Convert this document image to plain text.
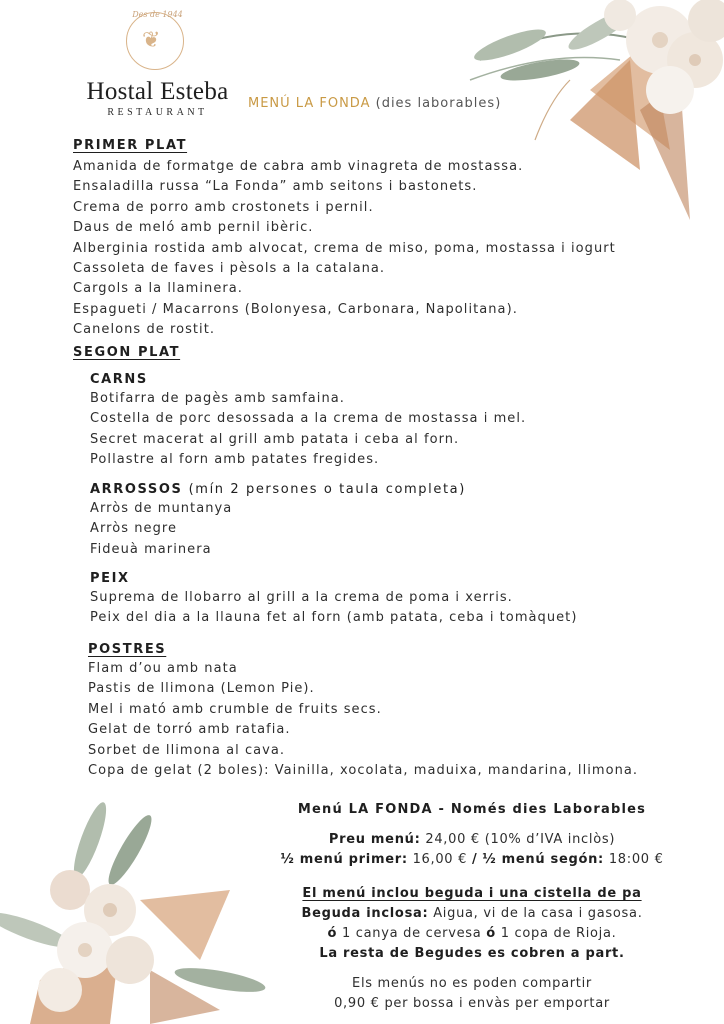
Des de 1944
❦
Hostal Esteba
RESTAURANT
MENÚ LA FONDA (dies laborables)
PRIMER PLAT
Amanida de formatge de cabra amb vinagreta de mostassa.
Ensaladilla russa “La Fonda” amb seitons i bastonets.
Crema de porro amb crostonets i pernil.
Daus de meló amb pernil ibèric.
Alberginia rostida amb alvocat, crema de miso, poma, mostassa i iogurt
Cassoleta de faves i pèsols a la catalana.
Cargols a la llaminera.
Espagueti / Macarrons (Bolonyesa, Carbonara, Napolitana).
Canelons de rostit.
SEGON PLAT
CARNS
Botifarra de pagès amb samfaina.
Costella de porc desossada a la crema de mostassa i mel.
Secret macerat al grill amb patata i ceba al forn.
Pollastre al forn amb patates fregides.
ARROSSOS (mín 2 persones o taula completa)
Arròs de muntanya
Arròs negre
Fideuà marinera
PEIX
Suprema de llobarro al grill a la crema de poma i xerris.
Peix del dia a la llauna fet al forn (amb patata, ceba i tomàquet)
POSTRES
Flam d’ou amb nata
Pastis de llimona (Lemon Pie).
Mel i mató amb crumble de fruits secs.
Gelat de torró amb ratafia.
Sorbet de llimona al cava.
Copa de gelat (2 boles): Vainilla, xocolata, maduixa, mandarina, llimona.
Menú LA FONDA - Només dies Laborables
Preu menú: 24,00 € (10% d’IVA inclòs)
½ menú primer: 16,00 € / ½ menú segón: 18:00 €
El menú inclou beguda i una cistella de pa
Beguda inclosa: Aigua, vi de la casa i gasosa.
ó 1 canya de cervesa ó 1 copa de Rioja.
La resta de Begudes es cobren a part.
Els menús no es poden compartir
0,90 € per bossa i envàs per emportar
